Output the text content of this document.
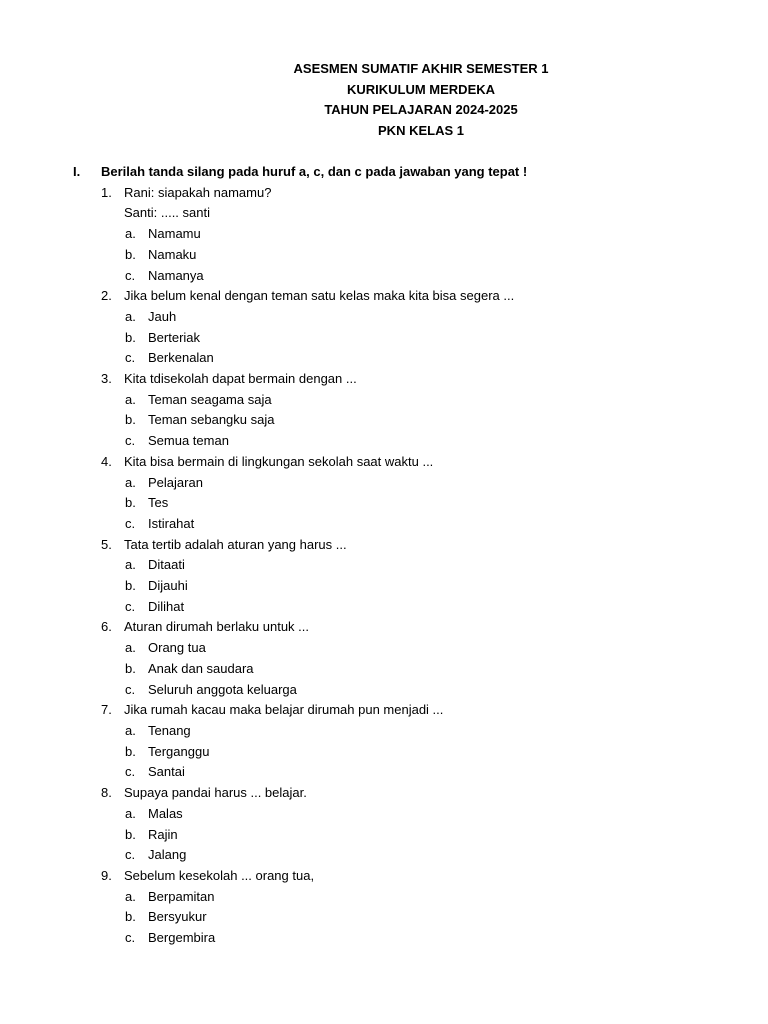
ASESMEN SUMATIF AKHIR SEMESTER 1
KURIKULUM MERDEKA
TAHUN PELAJARAN 2024-2025
PKN KELAS 1
I.	Berilah tanda silang pada huruf a, c, dan c pada jawaban yang tepat !
1. Rani: siapakah namamu?
Santi: ..... santi
a. Namamu
b. Namaku
c. Namanya
2. Jika belum kenal dengan teman satu kelas maka kita bisa segera ...
a. Jauh
b. Berteriak
c. Berkenalan
3. Kita tdisekolah dapat bermain dengan ...
a. Teman seagama saja
b. Teman sebangku saja
c. Semua teman
4. Kita bisa bermain di lingkungan sekolah saat waktu ...
a. Pelajaran
b. Tes
c. Istirahat
5. Tata tertib adalah aturan yang harus ...
a. Ditaati
b. Dijauhi
c. Dilihat
6. Aturan dirumah berlaku untuk ...
a. Orang tua
b. Anak dan saudara
c. Seluruh anggota keluarga
7. Jika rumah kacau maka belajar dirumah pun menjadi ...
a. Tenang
b. Terganggu
c. Santai
8. Supaya pandai harus ... belajar.
a. Malas
b. Rajin
c. Jalang
9. Sebelum kesekolah ... orang tua,
a. Berpamitan
b. Bersyukur
c. Bergembira
